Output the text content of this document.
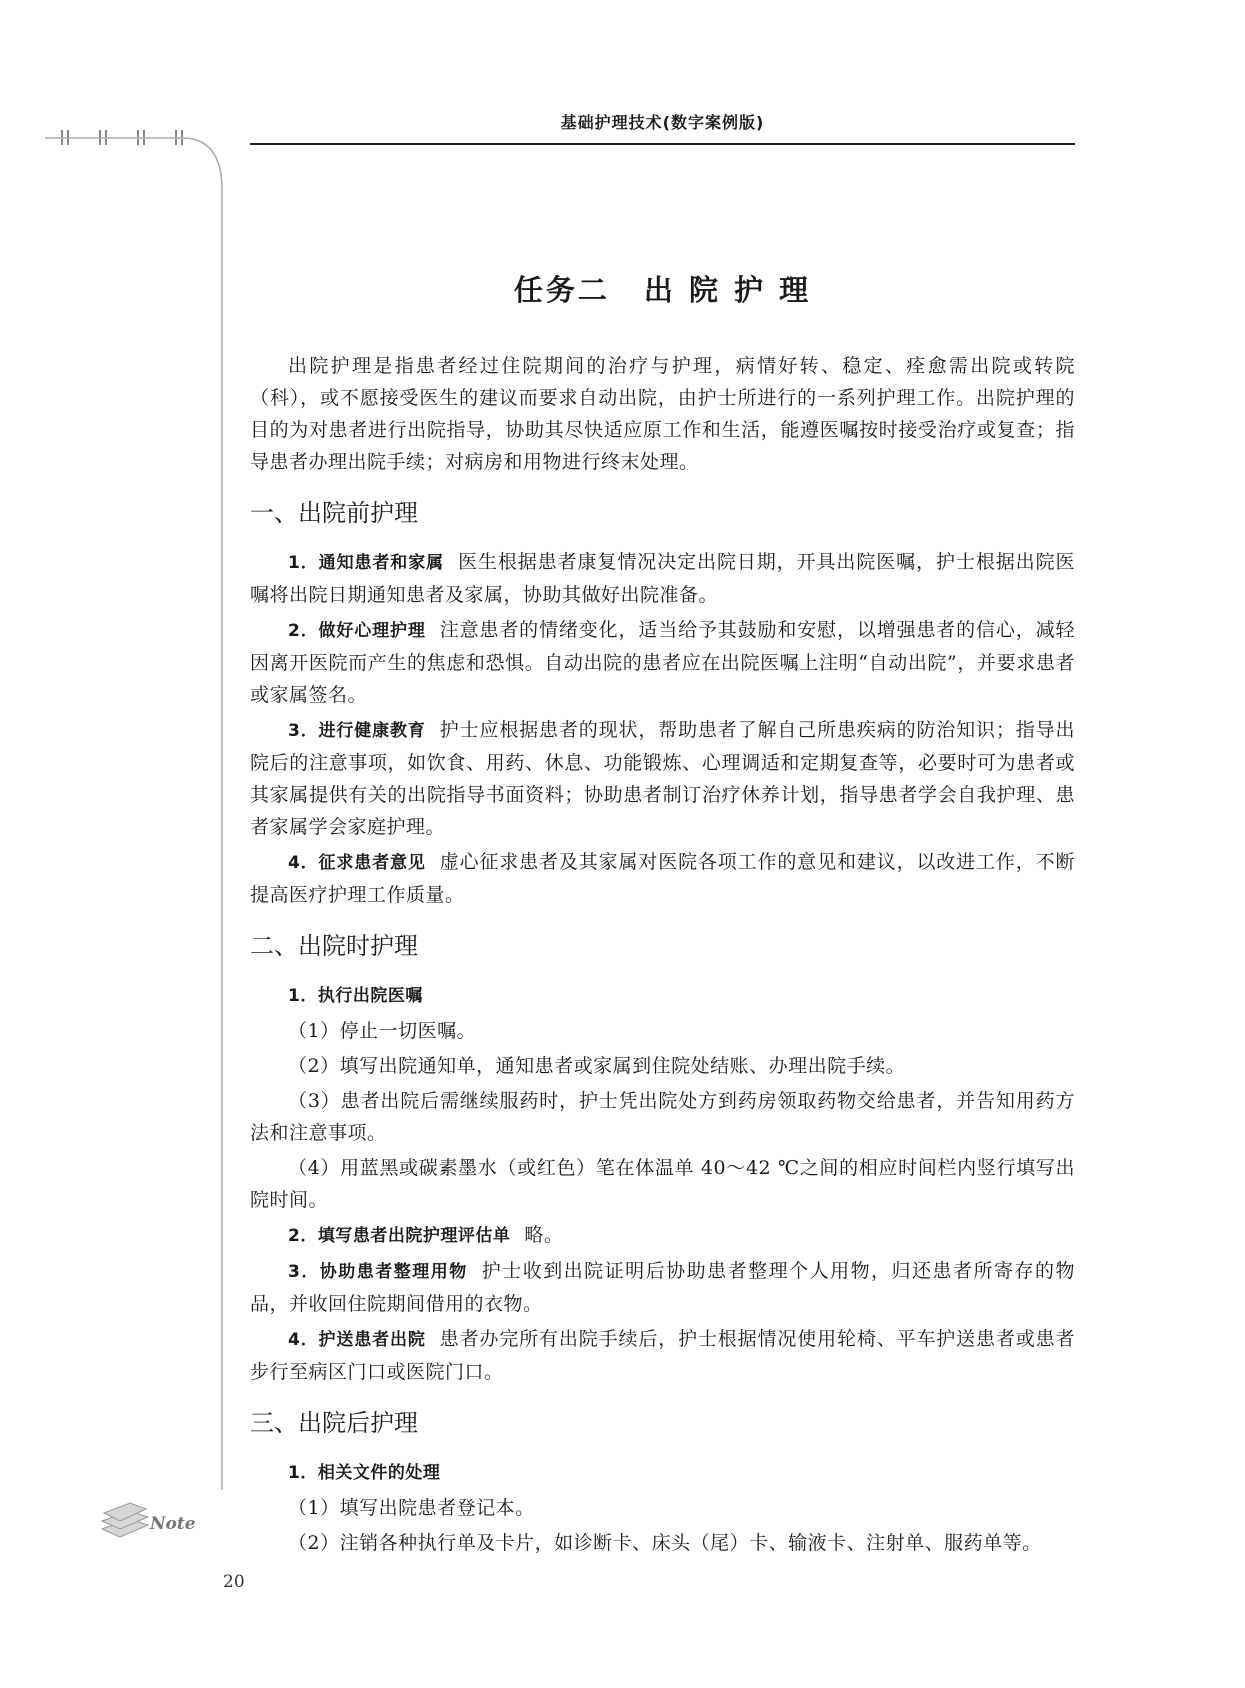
基础护理技术(数字案例版)
任务二 出 院 护 理

出院护理是指患者经过住院期间的治疗与护理，病情好转、稳定、痊愈需出院或转院（科），或不愿接受医生的建议而要求自动出院，由护士所进行的一系列护理工作。出院护理的目的为对患者进行出院指导，协助其尽快适应原工作和生活，能遵医嘱按时接受治疗或复查；指导患者办理出院手续；对病房和用物进行终末处理。

一、出院前护理

1．通知患者和家属 医生根据患者康复情况决定出院日期，开具出院医嘱，护士根据出院医嘱将出院日期通知患者及家属，协助其做好出院准备。

2．做好心理护理 注意患者的情绪变化，适当给予其鼓励和安慰，以增强患者的信心，减轻因离开医院而产生的焦虑和恐惧。自动出院的患者应在出院医嘱上注明“自动出院”，并要求患者或家属签名。

3．进行健康教育 护士应根据患者的现状，帮助患者了解自己所患疾病的防治知识；指导出院后的注意事项，如饮食、用药、休息、功能锻炼、心理调适和定期复查等，必要时可为患者或其家属提供有关的出院指导书面资料；协助患者制订治疗休养计划，指导患者学会自我护理、患者家属学会家庭护理。

4．征求患者意见 虚心征求患者及其家属对医院各项工作的意见和建议，以改进工作，不断提高医疗护理工作质量。

二、出院时护理

1．执行出院医嘱

（1）停止一切医嘱。

（2）填写出院通知单，通知患者或家属到住院处结账、办理出院手续。

（3）患者出院后需继续服药时，护士凭出院处方到药房领取药物交给患者，并告知用药方法和注意事项。

（4）用蓝黑或碳素墨水（或红色）笔在体温单 40～42 ℃之间的相应时间栏内竖行填写出院时间。

2．填写患者出院护理评估单 略。

3．协助患者整理用物 护士收到出院证明后协助患者整理个人用物，归还患者所寄存的物品，并收回住院期间借用的衣物。

4．护送患者出院 患者办完所有出院手续后，护士根据情况使用轮椅、平车护送患者或患者步行至病区门口或医院门口。

三、出院后护理

1．相关文件的处理

（1）填写出院患者登记本。

（2）注销各种执行单及卡片，如诊断卡、床头（尾）卡、输液卡、注射单、服药单等。

Note
20
